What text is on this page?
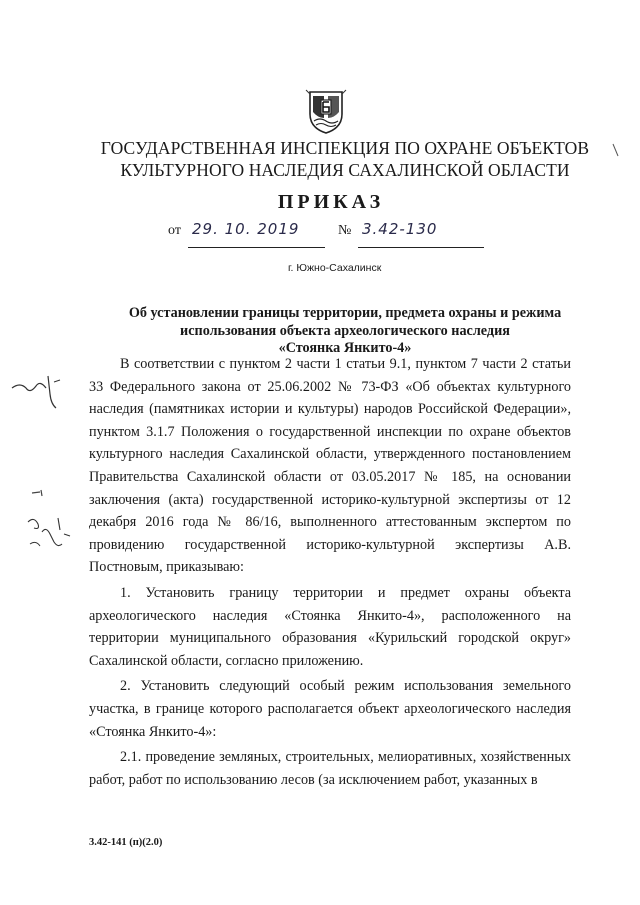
ГОСУДАРСТВЕННАЯ ИНСПЕКЦИЯ ПО ОХРАНЕ ОБЪЕКТОВ
КУЛЬТУРНОГО НАСЛЕДИЯ САХАЛИНСКОЙ ОБЛАСТИ
ПРИКАЗ
от 29. 10. 2019	№ 3.42-130
г. Южно-Сахалинск
Об установлении границы территории, предмета охраны и режима
использования объекта археологического наследия
«Стоянка Янкито-4»

В соответствии с пунктом 2 части 1 статьи 9.1, пунктом 7 части 2 статьи 33 Федерального закона от 25.06.2002 № 73-ФЗ «Об объектах культурного наследия (памятниках истории и культуры) народов Российской Федерации», пунктом 3.1.7 Положения о государственной инспекции по охране объектов культурного наследия Сахалинской области, утвержденного постановлением Правительства Сахалинской области от 03.05.2017 № 185, на основании заключения (акта) государственной историко-культурной экспертизы от 12 декабря 2016 года № 86/16, выполненного аттестованным экспертом по провидению государственной историко-культурной экспертизы А.В. Постновым, приказываю:

1. Установить границу территории и предмет охраны объекта археологического наследия «Стоянка Янкито-4», расположенного на территории муниципального образования «Курильский городской округ» Сахалинской области, согласно приложению.

2. Установить следующий особый режим использования земельного участка, в границе которого располагается объект археологического наследия «Стоянка Янкито-4»:

2.1. проведение земляных, строительных, мелиоративных, хозяйственных работ, работ по использованию лесов (за исключением работ, указанных в

3.42-141 (п)(2.0)
